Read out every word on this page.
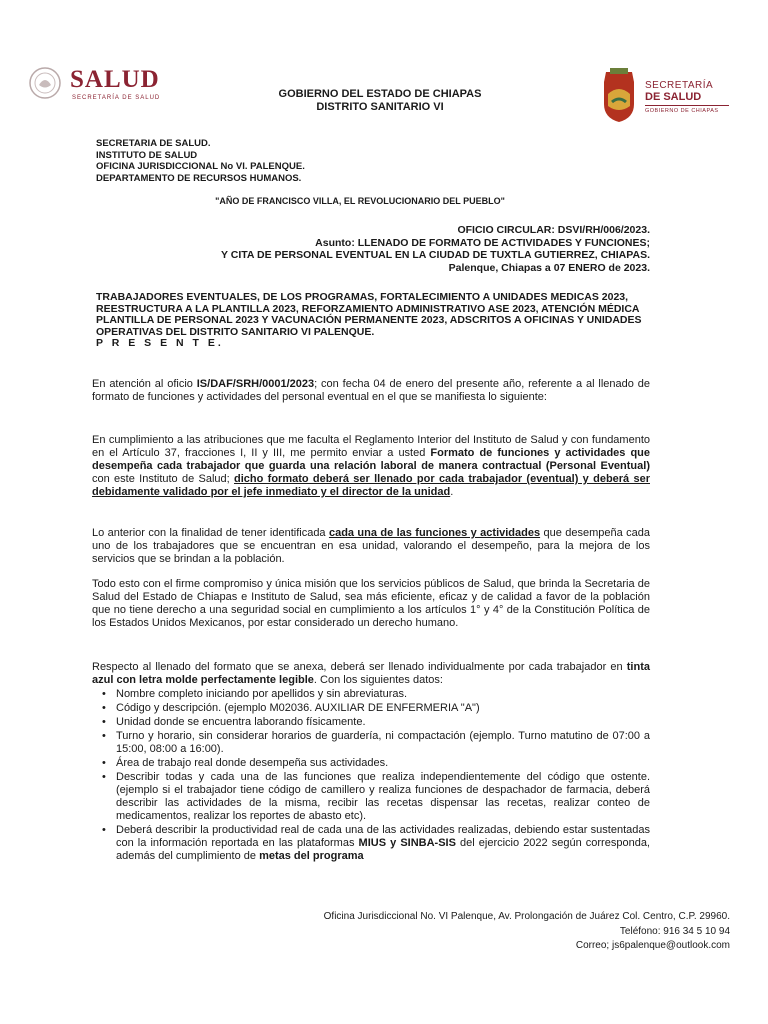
SALUD
SECRETARÍA DE SALUD	GOBIERNO DEL ESTADO DE CHIAPAS
DISTRITO SANITARIO VI
SECRETARÍA
DE SALUD
GOBIERNO DE CHIAPAS
SECRETARIA DE SALUD.
INSTITUTO DE SALUD
OFICINA JURISDICCIONAL No VI. PALENQUE.
DEPARTAMENTO DE RECURSOS HUMANOS.
"AÑO DE FRANCISCO VILLA, EL REVOLUCIONARIO DEL PUEBLO"
OFICIO CIRCULAR: DSVI/RH/006/2023.
Asunto: LLENADO DE FORMATO DE ACTIVIDADES Y FUNCIONES;
Y CITA DE PERSONAL EVENTUAL EN LA CIUDAD DE TUXTLA GUTIERREZ, CHIAPAS.
Palenque, Chiapas a 07 ENERO de 2023.
TRABAJADORES EVENTUALES, DE LOS PROGRAMAS, FORTALECIMIENTO A UNIDADES MEDICAS 2023, REESTRUCTURA A LA PLANTILLA 2023, REFORZAMIENTO ADMINISTRATIVO ASE 2023, ATENCIÓN MÉDICA PLANTILLA DE PERSONAL 2023 Y VACUNACIÓN PERMANENTE 2023, ADSCRITOS A OFICINAS Y UNIDADES OPERATIVAS DEL DISTRITO SANITARIO VI PALENQUE.
P R E S E N T E.
En atención al oficio IS/DAF/SRH/0001/2023; con fecha 04 de enero del presente año, referente a al llenado de formato de funciones y actividades del personal eventual en el que se manifiesta lo siguiente:
En cumplimiento a las atribuciones que me faculta el Reglamento Interior del Instituto de Salud y con fundamento en el Artículo 37, fracciones I, II y III, me permito enviar a usted Formato de funciones y actividades que desempeña cada trabajador que guarda una relación laboral de manera contractual (Personal Eventual) con este Instituto de Salud; dicho formato deberá ser llenado por cada trabajador (eventual) y deberá ser debidamente validado por el jefe inmediato y el director de la unidad.
Lo anterior con la finalidad de tener identificada cada una de las funciones y actividades que desempeña cada uno de los trabajadores que se encuentran en esa unidad, valorando el desempeño, para la mejora de los servicios que se brindan a la población.
Todo esto con el firme compromiso y única misión que los servicios públicos de Salud, que brinda la Secretaria de Salud del Estado de Chiapas e Instituto de Salud, sea más eficiente, eficaz y de calidad a favor de la población que no tiene derecho a una seguridad social en cumplimiento a los artículos 1° y 4° de la Constitución Política de los Estados Unidos Mexicanos, por estar considerado un derecho humano.
Respecto al llenado del formato que se anexa, deberá ser llenado individualmente por cada trabajador en tinta azul con letra molde perfectamente legible. Con los siguientes datos:
• Nombre completo iniciando por apellidos y sin abreviaturas.
• Código y descripción. (ejemplo M02036. AUXILIAR DE ENFERMERIA "A")
• Unidad donde se encuentra laborando físicamente.
• Turno y horario, sin considerar horarios de guardería, ni compactación (ejemplo. Turno matutino de 07:00 a 15:00, 08:00 a 16:00).
• Área de trabajo real donde desempeña sus actividades.
• Describir todas y cada una de las funciones que realiza independientemente del código que ostente. (ejemplo si el trabajador tiene código de camillero y realiza funciones de despachador de farmacia, deberá describir las actividades de la misma, recibir las recetas dispensar las recetas, realizar conteo de medicamentos, realizar los reportes de abasto etc).
• Deberá describir la productividad real de cada una de las actividades realizadas, debiendo estar sustentadas con la información reportada en las plataformas MIUS y SINBA-SIS del ejercicio 2022 según corresponda, además del cumplimiento de metas del programa
Oficina Jurisdiccional No. VI Palenque, Av. Prolongación de Juárez Col. Centro, C.P. 29960.
Teléfono: 916 34 5 10 94
Correo; js6palenque@outlook.com
